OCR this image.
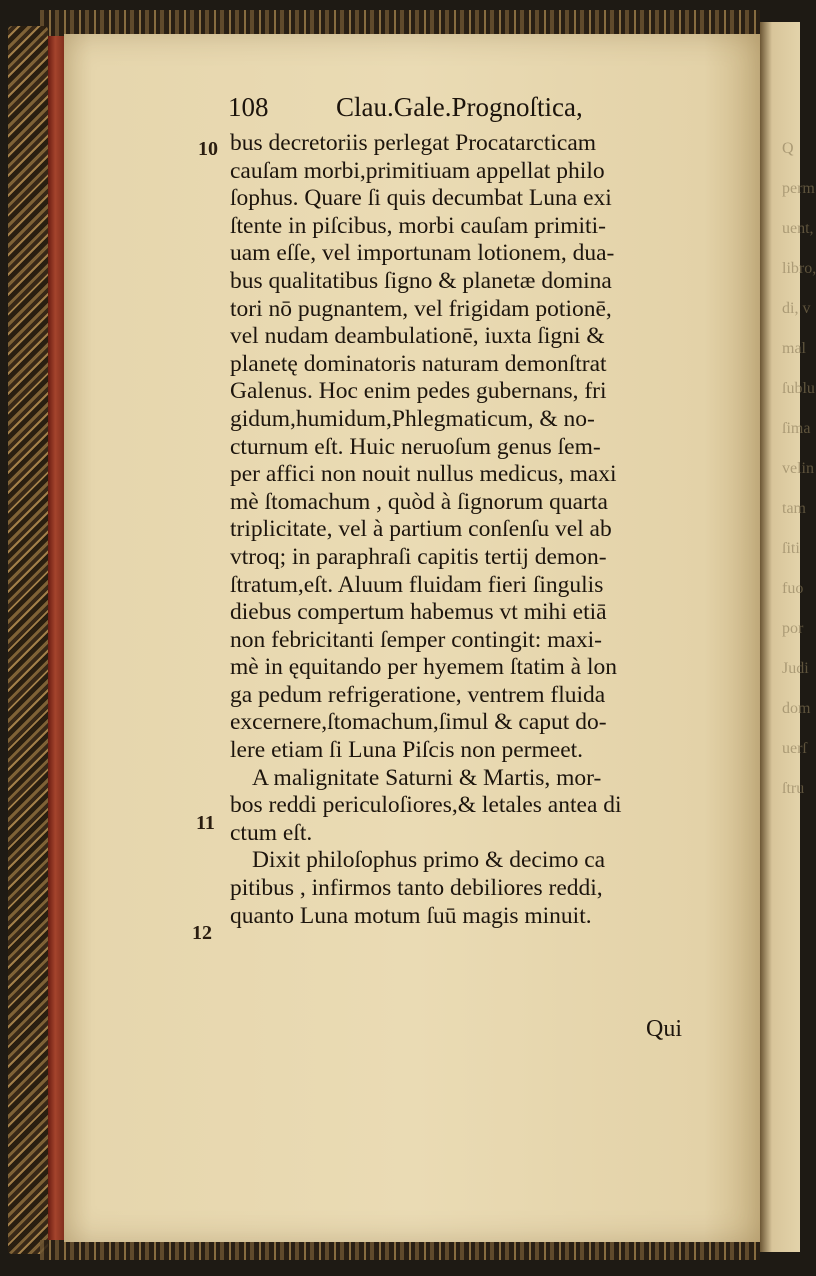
Q
perm
uent,
libro,
di, v
mal
ſublu
ſima
velin
tam
ſiti
fuo
por
Judi
dom
uerſ
ſtru
108	Clau.Gale.Prognoſtica,
10
11
12
bus decretoriis perlegat Procatarcticam
cauſam morbi,primitiuam appellat philo
ſophus. Quare ſi quis decumbat Luna exi
ſtente in piſcibus, morbi cauſam primiti-
uam eſſe, vel importunam lotionem, dua-
bus qualitatibus ſigno & planetæ domina
tori nō pugnantem, vel frigidam potionē,
vel nudam deambulationē, iuxta ſigni &
planetę dominatoris naturam demonſtrat
Galenus. Hoc enim pedes gubernans, fri
gidum,humidum,Phlegmaticum, & no-
cturnum eſt. Huic neruoſum genus ſem-
per affici non nouit nullus medicus, maxi
mè ſtomachum , quòd à ſignorum quarta
triplicitate, vel à partium conſenſu vel ab
vtroq; in paraphraſi capitis tertij demon-
ſtratum,eſt. Aluum fluidam fieri ſingulis
diebus compertum habemus vt mihi etiā
non febricitanti ſemper contingit: maxi-
mè in ęquitando per hyemem ſtatim à lon
ga pedum refrigeratione, ventrem fluida
excernere,ſtomachum,ſimul & caput do-
lere etiam ſi Luna Piſcis non permeet.
A malignitate Saturni & Martis, mor-
bos reddi periculoſiores,& letales antea di
ctum eſt.
Dixit philoſophus primo & decimo ca
pitibus , infirmos tanto debiliores reddi,
quanto Luna motum ſuū magis minuit.
Qui
